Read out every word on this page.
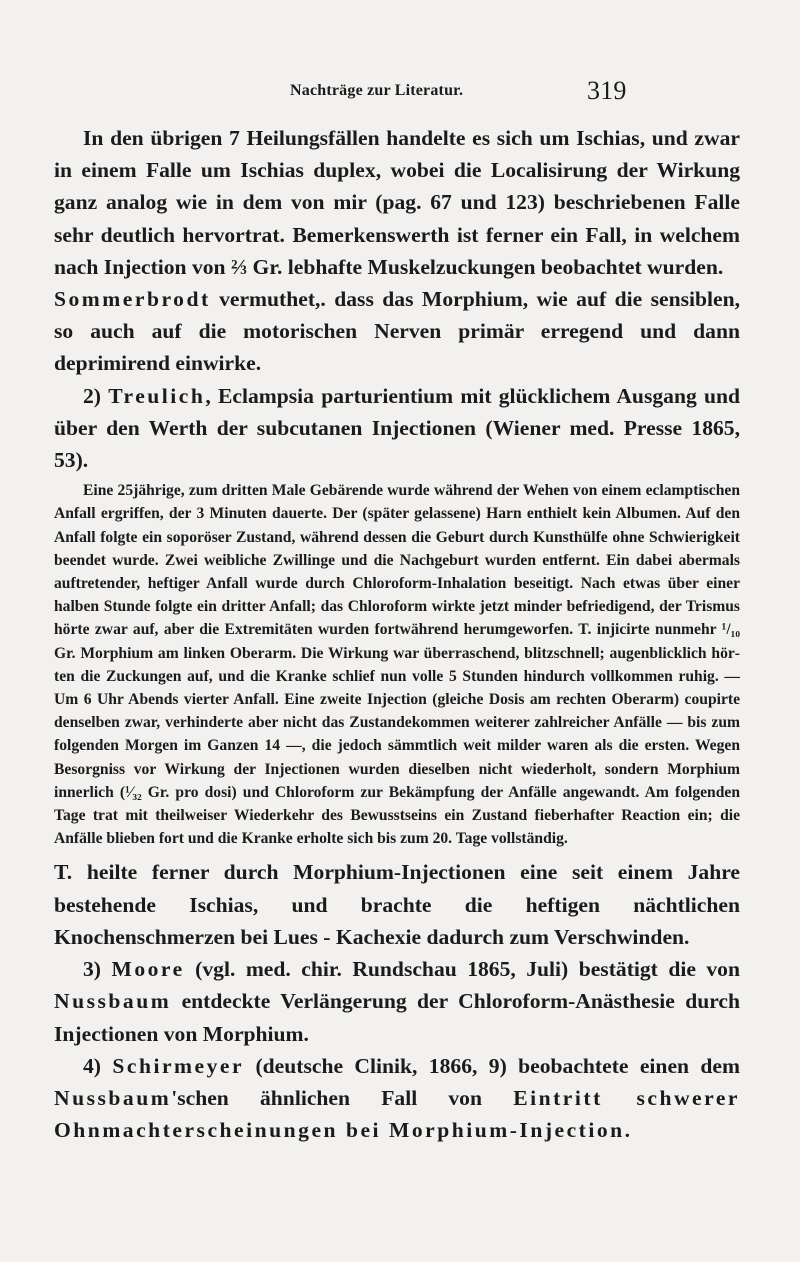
Nachträge zur Literatur.	319

In den übrigen 7 Heilungsfällen handelte es sich um Ischias, und zwar in einem Falle um Ischias duplex, wobei die Localisirung der Wirkung ganz analog wie in dem von mir (pag. 67 und 123) beschriebenen Falle sehr deutlich hervortrat. Bemerkenswerth ist ferner ein Fall, in welchem nach Injection von ⅔ Gr. lebhafte Muskelzuckungen beobachtet wurden.
Sommerbrodt vermuthet,. dass das Morphium, wie auf die sensiblen, so auch auf die motorischen Nerven primär erregend und dann deprimirend einwirke.

2) Treulich, Eclampsia parturientium mit glücklichem Ausgang und über den Werth der subcutanen Injectionen (Wiener med. Presse 1865, 53).

Eine 25jährige, zum dritten Male Gebärende wurde während der Wehen von einem eclamptischen Anfall ergriffen, der 3 Minuten dauerte. Der (später gelassene) Harn enthielt kein Albumen. Auf den Anfall folgte ein soporöser Zustand, während dessen die Geburt durch Kunsthülfe ohne Schwierigkeit beendet wurde. Zwei weibliche Zwillinge und die Nachgeburt wurden entfernt. Ein dabei abermals auftretender, heftiger Anfall wurde durch Chloroform-Inhalation beseitigt. Nach etwas über einer halben Stunde folgte ein dritter Anfall; das Chloroform wirkte jetzt minder befriedigend, der Trismus hörte zwar auf, aber die Extremitäten wurden fortwährend herumgeworfen. T. injicirte nunmehr ¹/₁₀ Gr. Morphium am linken Oberarm. Die Wirkung war überraschend, blitzschnell; augenblicklich hörten die Zuckungen auf, und die Kranke schlief nun volle 5 Stunden hindurch vollkommen ruhig. — Um 6 Uhr Abends vierter Anfall. Eine zweite Injection (gleiche Dosis am rechten Oberarm) coupirte denselben zwar, verhinderte aber nicht das Zustandekommen weiterer zahlreicher Anfälle — bis zum folgenden Morgen im Ganzen 14 —, die jedoch sämmtlich weit milder waren als die ersten. Wegen Besorgniss vor Wirkung der Injectionen wurden dieselben nicht wiederholt, sondern Morphium innerlich (¹⁄₃₂ Gr. pro dosi) und Chloroform zur Bekämpfung der Anfälle angewandt. Am folgenden Tage trat mit theilweiser Wiederkehr des Bewusstseins ein Zustand fieberhafter Reaction ein; die Anfälle blieben fort und die Kranke erholte sich bis zum 20. Tage vollständig.

T. heilte ferner durch Morphium-Injectionen eine seit einem Jahre bestehende Ischias, und brachte die heftigen nächtlichen Knochenschmerzen bei Lues - Kachexie dadurch zum Verschwinden.

3) Moore (vgl. med. chir. Rundschau 1865, Juli) bestätigt die von Nussbaum entdeckte Verlängerung der Chloroform-Anästhesie durch Injectionen von Morphium.

4) Schirmeyer (deutsche Clinik, 1866, 9) beobachtete einen dem Nussbaum'schen ähnlichen Fall von Eintritt schwerer Ohnmachterscheinungen bei Morphium-Injection.
